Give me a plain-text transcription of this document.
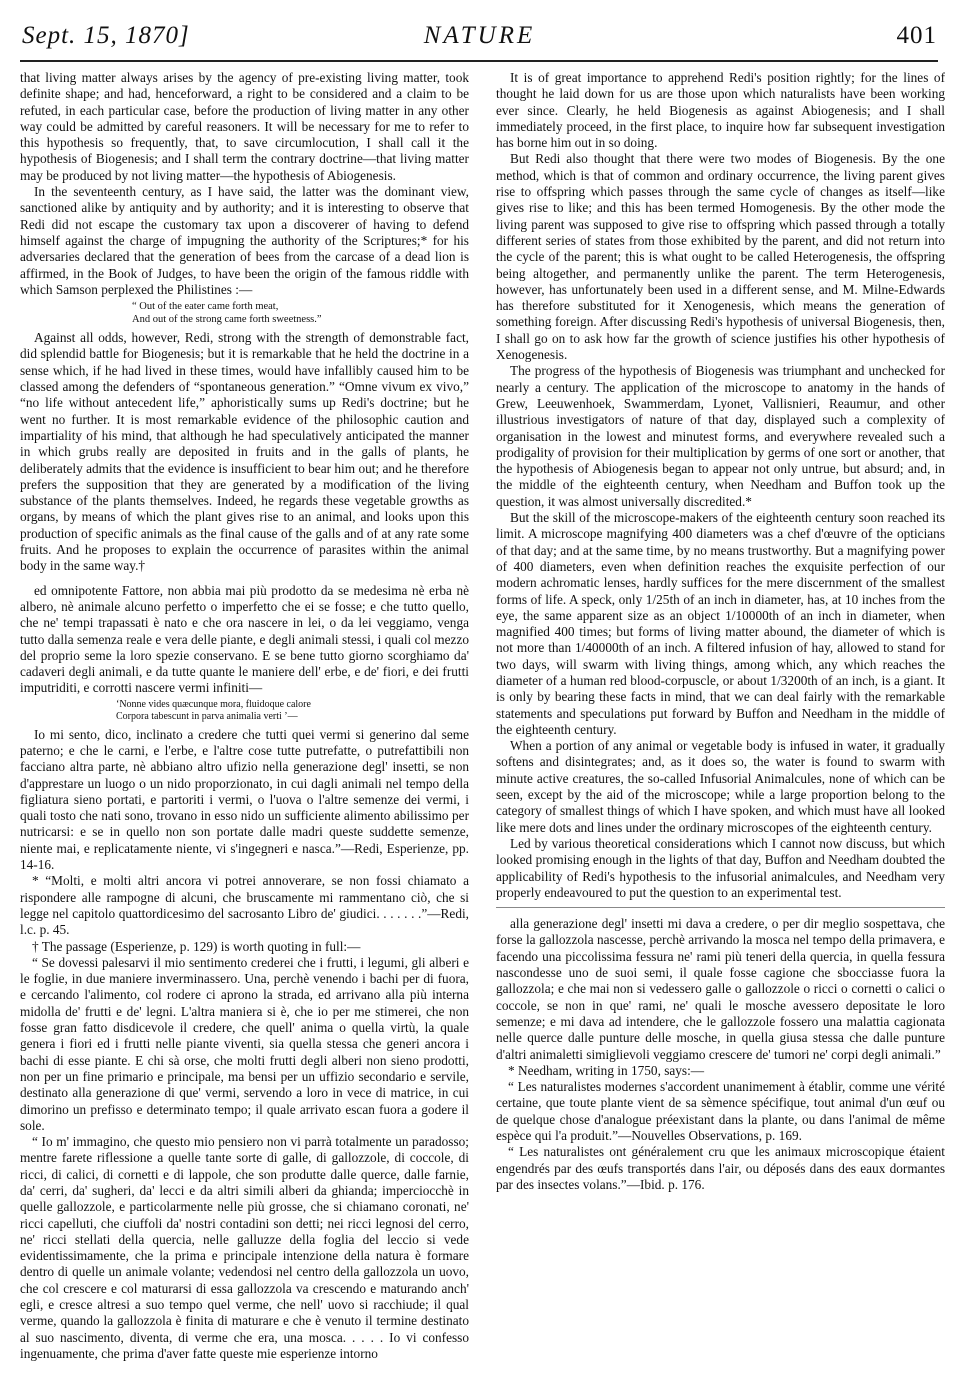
Sept. 15, 1870]	NATURE	401

that living matter always arises by the agency of pre-existing living matter, took definite shape; and had, henceforward, a right to be considered and a claim to be refuted, in each particular case, before the production of living matter in any other way could be admitted by careful reasoners. It will be necessary for me to refer to this hypothesis so frequently, that, to save circumlocution, I shall call it the hypothesis of Biogenesis; and I shall term the contrary doctrine—that living matter may be produced by not living matter—the hypothesis of Abiogenesis.

In the seventeenth century, as I have said, the latter was the dominant view, sanctioned alike by antiquity and by authority; and it is interesting to observe that Redi did not escape the customary tax upon a discoverer of having to defend himself against the charge of impugning the authority of the Scriptures;* for his adversaries declared that the generation of bees from the carcase of a dead lion is affirmed, in the Book of Judges, to have been the origin of the famous riddle with which Samson perplexed the Philistines :—

“ Out of the eater came forth meat,
And out of the strong came forth sweetness.”

Against all odds, however, Redi, strong with the strength of demonstrable fact, did splendid battle for Biogenesis; but it is remarkable that he held the doctrine in a sense which, if he had lived in these times, would have infallibly caused him to be classed among the defenders of “spontaneous generation.” “Omne vivum ex vivo,” “no life without antecedent life,” aphoristically sums up Redi's doctrine; but he went no further. It is most remarkable evidence of the philosophic caution and impartiality of his mind, that although he had speculatively anticipated the manner in which grubs really are deposited in fruits and in the galls of plants, he deliberately admits that the evidence is insufficient to bear him out; and he therefore prefers the supposition that they are generated by a modification of the living substance of the plants themselves. Indeed, he regards these vegetable growths as organs, by means of which the plant gives rise to an animal, and looks upon this production of specific animals as the final cause of the galls and of at any rate some fruits. And he proposes to explain the occurrence of parasites within the animal body in the same way.†

ed omnipotente Fattore, non abbia mai più prodotto da se medesima nè erba nè albero, nè animale alcuno perfetto o imperfetto che ei se fosse; e che tutto quello, che ne' tempi trapassati è nato e che ora nascere in lei, o da lei veggiamo, venga tutto dalla semenza reale e vera delle piante, e degli animali stessi, i quali col mezzo del proprio seme la loro spezie conservano. E se bene tutto giorno scorghiamo da' cadaveri degli animali, e da tutte quante le maniere dell' erbe, e de' fiori, e dei frutti imputriditi, e corrotti nascere vermi infiniti—

‘Nonne vides quæcunque mora, fluidoque calore
Corpora tabescunt in parva animalia verti ’—

Io mi sento, dico, inclinato a credere che tutti quei vermi si generino dal seme paterno; e che le carni, e l'erbe, e l'altre cose tutte putrefatte, o putrefattibili non facciano altra parte, nè abbiano altro ufizio nella generazione degl' insetti, se non d'apprestare un luogo o un nido proporzionato, in cui dagli animali nel tempo della figliatura sieno portati, e partoriti i vermi, o l'uova o l'altre semenze dei vermi, i quali tosto che nati sono, trovano in esso nido un sufficiente alimento abilissimo per nutricarsi: e se in quello non son portate dalle madri queste suddette semenze, niente mai, e replicatamente niente, vi s'ingegneri e nasca.”—Redi, Esperienze, pp. 14-16.

* “Molti, e molti altri ancora vi potrei annoverare, se non fossi chiamato a rispondere alle rampogne di alcuni, che bruscamente mi rammentano ciò, che si legge nel capitolo quattordicesimo del sacrosanto Libro de' giudici. . . . . . .”—Redi, l.c. p. 45.

† The passage (Esperienze, p. 129) is worth quoting in full:—

“ Se dovessi palesarvi il mio sentimento crederei che i frutti, i legumi, gli alberi e le foglie, in due maniere inverminassero. Una, perchè venendo i bachi per di fuora, e cercando l'alimento, col rodere ci aprono la strada, ed arrivano alla più interna midolla de' frutti e de' legni. L'altra maniera si è, che io per me stimerei, che non fosse gran fatto disdicevole il credere, che quell' anima o quella virtù, la quale genera i fiori ed i frutti nelle piante viventi, sia quella stessa che generi ancora i bachi di esse piante. E chi sà orse, che molti frutti degli alberi non sieno prodotti, non per un fine primario e principale, ma bensi per un uffizio secondario e servile, destinato alla generazione di que' vermi, servendo a loro in vece di matrice, in cui dimorino un prefisso e determinato tempo; il quale arrivato escan fuora a godere il sole.

“ Io m' immagino, che questo mio pensiero non vi parrà totalmente un paradosso; mentre farete riflessione a quelle tante sorte di galle, di gallozzole, di coccole, di ricci, di calici, di cornetti e di lappole, che son produtte dalle querce, dalle farnie, da' cerri, da' sugheri, da' lecci e da altri simili alberi da ghianda; imperciocchè in quelle gallozzole, e particolarmente nelle più grosse, che si chiamano coronati, ne' ricci capelluti, che ciuffoli da' nostri contadini son detti; nei ricci legnosi del cerro, ne' ricci stellati della quercia, nelle galluzze della foglia del leccio si vede evidentissimamente, che la prima e principale intenzione della natura è formare dentro di quelle un animale volante; vedendosi nel centro della gallozzola un uovo, che col crescere e col maturarsi di essa gallozzola va crescendo e maturando anch' egli, e cresce altresi a suo tempo quel verme, che nell' uovo si racchiude; il qual verme, quando la gallozzola è finita di maturare e che è venuto il termine destinato al suo nascimento, diventa, di verme che era, una mosca. . . . . Io vi confesso ingenuamente, che prima d'aver fatte queste mie esperienze intorno

It is of great importance to apprehend Redi's position rightly; for the lines of thought he laid down for us are those upon which naturalists have been working ever since. Clearly, he held Biogenesis as against Abiogenesis; and I shall immediately proceed, in the first place, to inquire how far subsequent investigation has borne him out in so doing.

But Redi also thought that there were two modes of Biogenesis. By the one method, which is that of common and ordinary occurrence, the living parent gives rise to offspring which passes through the same cycle of changes as itself—like gives rise to like; and this has been termed Homogenesis. By the other mode the living parent was supposed to give rise to offspring which passed through a totally different series of states from those exhibited by the parent, and did not return into the cycle of the parent; this is what ought to be called Heterogenesis, the offspring being altogether, and permanently unlike the parent. The term Heterogenesis, however, has unfortunately been used in a different sense, and M. Milne-Edwards has therefore substituted for it Xenogenesis, which means the generation of something foreign. After discussing Redi's hypothesis of universal Biogenesis, then, I shall go on to ask how far the growth of science justifies his other hypothesis of Xenogenesis.

The progress of the hypothesis of Biogenesis was triumphant and unchecked for nearly a century. The application of the microscope to anatomy in the hands of Grew, Leeuwenhoek, Swammerdam, Lyonet, Vallisnieri, Reaumur, and other illustrious investigators of nature of that day, displayed such a complexity of organisation in the lowest and minutest forms, and everywhere revealed such a prodigality of provision for their multiplication by germs of one sort or another, that the hypothesis of Abiogenesis began to appear not only untrue, but absurd; and, in the middle of the eighteenth century, when Needham and Buffon took up the question, it was almost universally discredited.*

But the skill of the microscope-makers of the eighteenth century soon reached its limit. A microscope magnifying 400 diameters was a chef d'œuvre of the opticians of that day; and at the same time, by no means trustworthy. But a magnifying power of 400 diameters, even when definition reaches the exquisite perfection of our modern achromatic lenses, hardly suffices for the mere discernment of the smallest forms of life. A speck, only 1/25th of an inch in diameter, has, at 10 inches from the eye, the same apparent size as an object 1/10000th of an inch in diameter, when magnified 400 times; but forms of living matter abound, the diameter of which is not more than 1/40000th of an inch. A filtered infusion of hay, allowed to stand for two days, will swarm with living things, among which, any which reaches the diameter of a human red blood-corpuscle, or about 1/3200th of an inch, is a giant. It is only by bearing these facts in mind, that we can deal fairly with the remarkable statements and speculations put forward by Buffon and Needham in the middle of the eighteenth century.

When a portion of any animal or vegetable body is infused in water, it gradually softens and disintegrates; and, as it does so, the water is found to swarm with minute active creatures, the so-called Infusorial Animalcules, none of which can be seen, except by the aid of the microscope; while a large proportion belong to the category of smallest things of which I have spoken, and which must have all looked like mere dots and lines under the ordinary microscopes of the eighteenth century.

Led by various theoretical considerations which I cannot now discuss, but which looked promising enough in the lights of that day, Buffon and Needham doubted the applicability of Redi's hypothesis to the infusorial animalcules, and Needham very properly endeavoured to put the question to an experimental test.

alla generazione degl' insetti mi dava a credere, o per dir meglio sospettava, che forse la gallozzola nascesse, perchè arrivando la mosca nel tempo della primavera, e facendo una piccolissima fessura ne' rami più teneri della quercia, in quella fessura nascondesse uno de suoi semi, il quale fosse cagione che sbocciasse fuora la gallozzola; e che mai non si vedessero galle o gallozzole o ricci o cornetti o calici o coccole, se non in que' rami, ne' quali le mosche avessero depositate le loro semenze; e mi dava ad intendere, che le gallozzole fossero una malattia cagionata nelle querce dalle punture delle mosche, in quella giusa stessa che dalle punture d'altri animaletti simiglievoli veggiamo crescere de' tumori ne' corpi degli animali.”

* Needham, writing in 1750, says:—

“ Les naturalistes modernes s'accordent unanimement à établir, comme une vérité certaine, que toute plante vient de sa sèmence spécifique, tout animal d'un œuf ou de quelque chose d'analogue préexistant dans la plante, ou dans l'animal de même espèce qui l'a produit.”—Nouvelles Observations, p. 169.

“ Les naturalistes ont généralement cru que les animaux microscopique étaient engendrés par des œufs transportés dans l'air, ou déposés dans des eaux dormantes par des insectes volans.”—Ibid. p. 176.
